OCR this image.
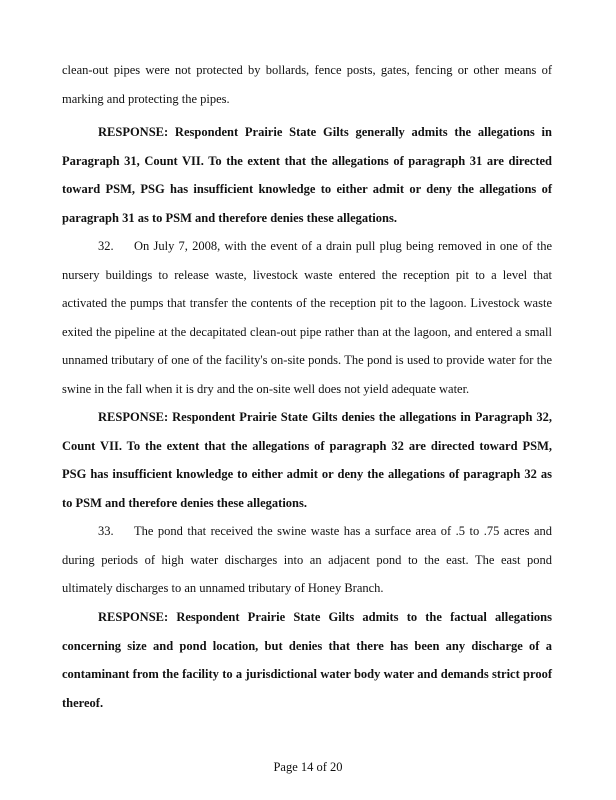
clean-out pipes were not protected by bollards, fence posts, gates, fencing or other means of marking and protecting the pipes.

RESPONSE: Respondent Prairie State Gilts generally admits the allegations in Paragraph 31, Count VII. To the extent that the allegations of paragraph 31 are directed toward PSM, PSG has insufficient knowledge to either admit or deny the allegations of paragraph 31 as to PSM and therefore denies these allegations.

32. On July 7, 2008, with the event of a drain pull plug being removed in one of the nursery buildings to release waste, livestock waste entered the reception pit to a level that activated the pumps that transfer the contents of the reception pit to the lagoon. Livestock waste exited the pipeline at the decapitated clean-out pipe rather than at the lagoon, and entered a small unnamed tributary of one of the facility's on-site ponds. The pond is used to provide water for the swine in the fall when it is dry and the on-site well does not yield adequate water.

RESPONSE: Respondent Prairie State Gilts denies the allegations in Paragraph 32, Count VII. To the extent that the allegations of paragraph 32 are directed toward PSM, PSG has insufficient knowledge to either admit or deny the allegations of paragraph 32 as to PSM and therefore denies these allegations.

33. The pond that received the swine waste has a surface area of .5 to .75 acres and during periods of high water discharges into an adjacent pond to the east. The east pond ultimately discharges to an unnamed tributary of Honey Branch.

RESPONSE: Respondent Prairie State Gilts admits to the factual allegations concerning size and pond location, but denies that there has been any discharge of a contaminant from the facility to a jurisdictional water body water and demands strict proof thereof.

Page 14 of 20
